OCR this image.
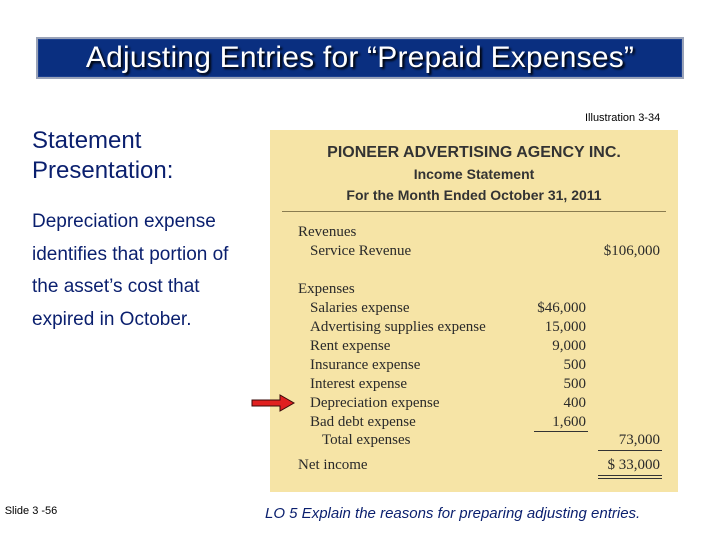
Adjusting Entries for “Prepaid Expenses”
Illustration 3-34
Statement Presentation:
Depreciation expense identifies that portion of the asset’s cost that expired in October.
PIONEER ADVERTISING AGENCY INC.
Income Statement
For the Month Ended October 31, 2011
Revenues
Service Revenue	$106,000
Expenses
Salaries expense	$46,000
Advertising supplies expense	15,000
Rent expense	9,000
Insurance expense	500
Interest expense	500
Depreciation expense	400
Bad debt expense	1,600
Total expenses	73,000
Net income	$ 33,000
Slide 3 -56	LO 5 Explain the reasons for preparing adjusting entries.
